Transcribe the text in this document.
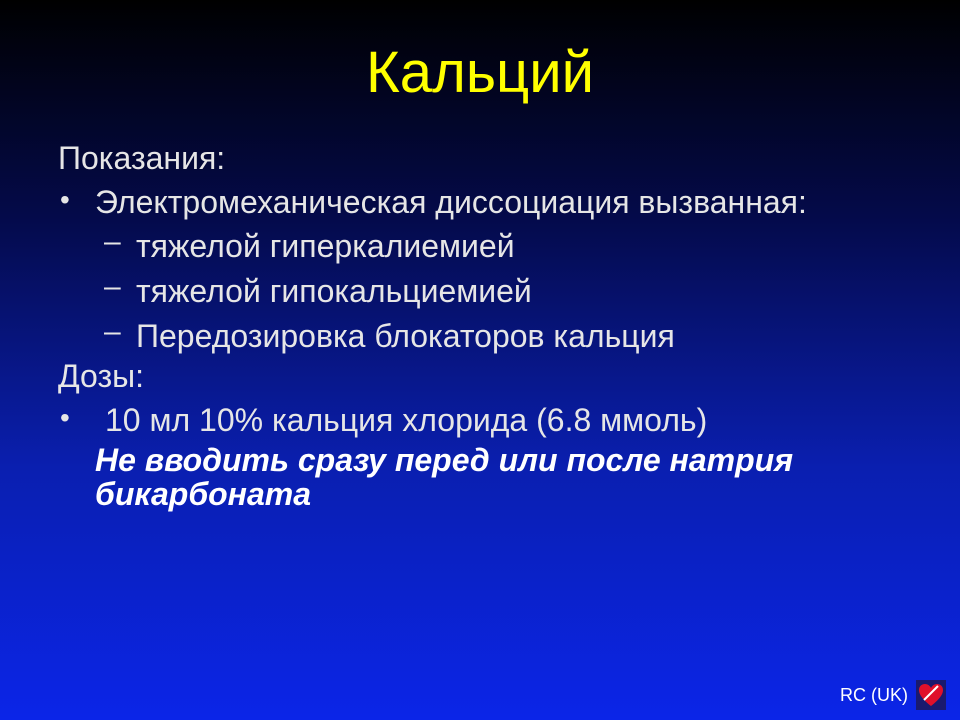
Кальций
Показания:
• Электромеханическая диссоциация вызванная:
– тяжелой гиперкалиемией
– тяжелой гипокальциемией
– Передозировка блокаторов кальция
Дозы:
• 10 мл 10% кальция хлорида (6.8 ммоль)
Не вводить сразу перед или после натрия бикарбоната
RC (UK)
